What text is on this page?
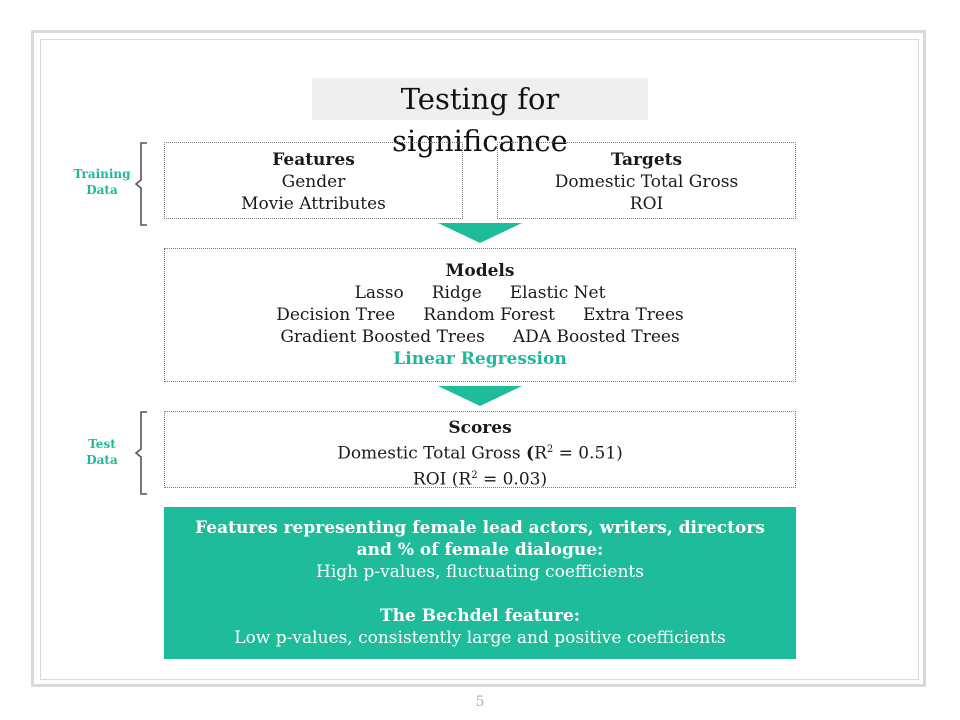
Testing for significance
Training
Data
Features
Gender
Movie Attributes
Targets
Domestic Total Gross
ROI
Models
Lasso Ridge Elastic Net
Decision Tree Random Forest Extra Trees
Gradient Boosted Trees ADA Boosted Trees
Linear Regression
Test
Data
Scores
Domestic Total Gross $(R^2 = 0.51)$
ROI $(R^2 = 0.03)$
Features representing female lead actors, writers, directors
and % of female dialogue:
High p-values, fluctuating coefficients
The Bechdel feature:
Low p-values, consistently large and positive coefficients
5
